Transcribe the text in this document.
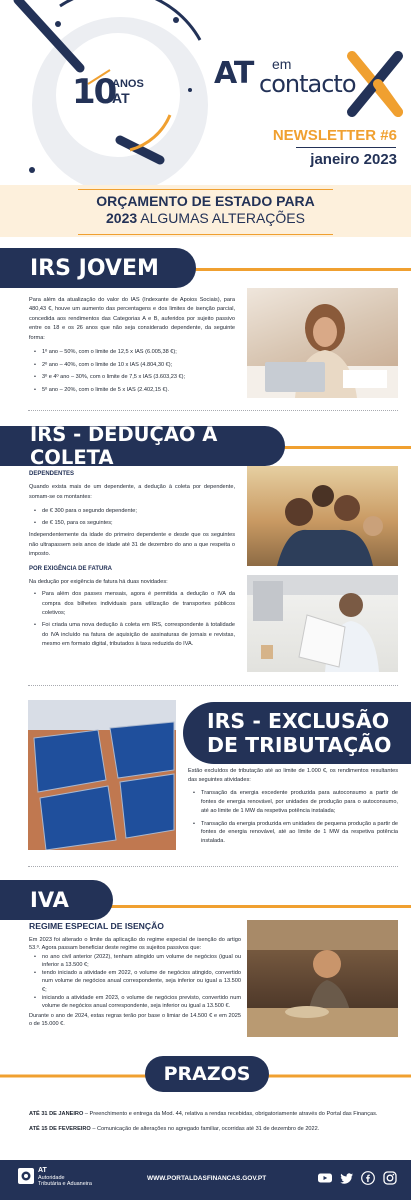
10
ANOS
AT
AT em
contacto
NEWSLETTER #6
janeiro 2023
ORÇAMENTO DE ESTADO PARA
2023 ALGUMAS ALTERAÇÕES
IRS JOVEM

Para além da atualização do valor do IAS (Indexante de Apoios Sociais), para 480,43 €, houve um aumento das percentagens e dos limites de isenção parcial, concedida aos rendimentos das Categorias A e B, auferidos por sujeito passivo entre os 18 e os 26 anos que não seja considerado dependente, da seguinte forma:

• 1º ano – 50%, com o limite de 12,5 x IAS (6.005,38 €);
• 2º ano – 40%, com o limite de 10 x IAS (4.804,30 €);
• 3º e 4º ano – 30%, com o limite de 7,5 x IAS (3.603,23 €);
• 5º ano – 20%, com o limite de 5 x IAS (2.402,15 €).
IRS - DEDUÇÃO À COLETA

DEPENDENTES

Quando exista mais de um dependente, a dedução à coleta por dependente, somam-se os montantes:

• de € 300 para o segundo dependente;
• de € 150, para os seguintes;

Independentemente da idade do primeiro dependente e desde que os seguintes não ultrapassem seis anos de idade até 31 de dezembro do ano a que respeita o imposto.

POR EXIGÊNCIA DE FATURA

Na dedução por exigência de fatura há duas novidades:

• Para além dos passes mensais, agora é permitida a dedução o IVA da compra dos bilhetes individuais para utilização de transportes públicos coletivos;
• Foi criada uma nova dedução à coleta em IRS, correspondente à totalidade do IVA incluído na fatura de aquisição de assinaturas de jornais e revistas, mesmo em formato digital, tributados à taxa reduzida do IVA.
IRS - EXCLUSÃO
DE TRIBUTAÇÃO

Estão excluídos de tributação até ao limite de 1.000 €, os rendimentos resultantes das seguintes atividades:

• Transação da energia excedente produzida para autoconsumo a partir de fontes de energia renovável, por unidades de produção para o autoconsumo, até ao limite de 1 MW da respetiva potência instalada;
• Transação da energia produzida em unidades de pequena produção a partir de fontes de energia renovável, até ao limite de 1 MW da respetiva potência instalada.
IVA

REGIME ESPECIAL DE ISENÇÃO

Em 2023 foi alterado o limite da aplicação do regime especial de isenção do artigo 53.º. Agora passam beneficiar deste regime os sujeitos passivos que:

• no ano civil anterior (2022), tenham atingido um volume de negócios (igual ou inferior a 13.500 €;
• tendo iniciado a atividade em 2022, o volume de negócios atingido, convertido num volume de negócios anual correspondente, seja inferior ou igual a 13.500 €;
• iniciando a atividade em 2023, o volume de negócios previsto, convertido num volume de negócios anual correspondente, seja inferior ou igual a 13.500 €.

Durante o ano de 2024, estas regras terão por base o limiar de 14.500 € e em 2025 o de 15.000 €.

PRAZOS

ATÉ 31 DE JANEIRO – Preenchimento e entrega da Mod. 44, relativa a rendas recebidas, obrigatoriamente através do Portal das Finanças.

ATÉ 15 DE FEVEREIRO – Comunicação de alterações no agregado familiar, ocorridas até 31 de dezembro de 2022.

AT
Autoridade
Tributária e Aduaneira
WWW.PORTALDASFINANCAS.GOV.PT
